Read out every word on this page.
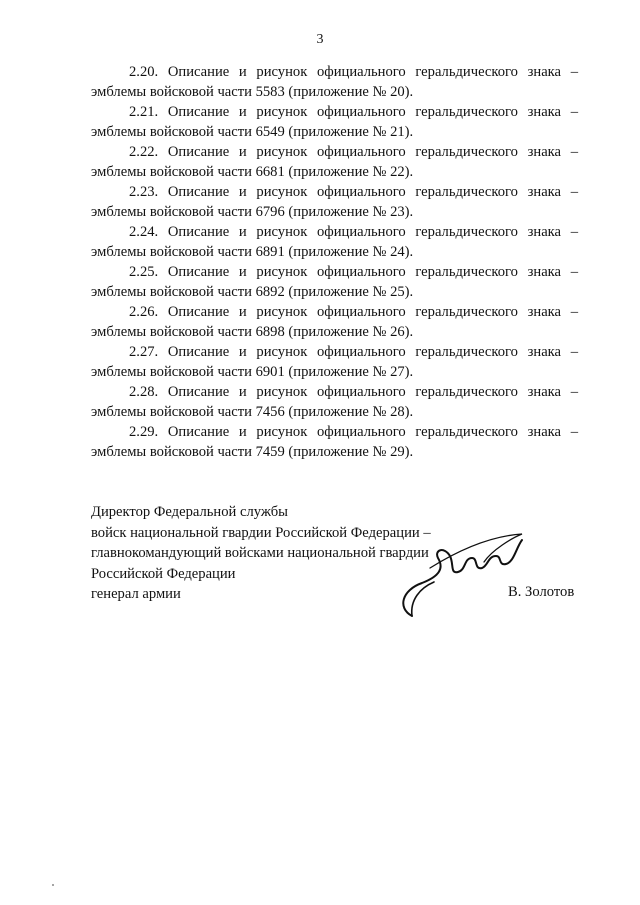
3

2.20. Описание и рисунок официального геральдического знака –
эмблемы войсковой части 5583 (приложение № 20).

2.21. Описание и рисунок официального геральдического знака –
эмблемы войсковой части 6549 (приложение № 21).

2.22. Описание и рисунок официального геральдического знака –
эмблемы войсковой части 6681 (приложение № 22).

2.23. Описание и рисунок официального геральдического знака –
эмблемы войсковой части 6796 (приложение № 23).

2.24. Описание и рисунок официального геральдического знака –
эмблемы войсковой части 6891 (приложение № 24).

2.25. Описание и рисунок официального геральдического знака –
эмблемы войсковой части 6892 (приложение № 25).

2.26. Описание и рисунок официального геральдического знака –
эмблемы войсковой части 6898 (приложение № 26).

2.27. Описание и рисунок официального геральдического знака –
эмблемы войсковой части 6901 (приложение № 27).

2.28. Описание и рисунок официального геральдического знака –
эмблемы войсковой части 7456 (приложение № 28).

2.29. Описание и рисунок официального геральдического знака –
эмблемы войсковой части 7459 (приложение № 29).

Директор Федеральной службы
войск национальной гвардии Российской Федерации –
главнокомандующий войсками национальной гвардии
Российской Федерации
генерал армии	В. Золотов
